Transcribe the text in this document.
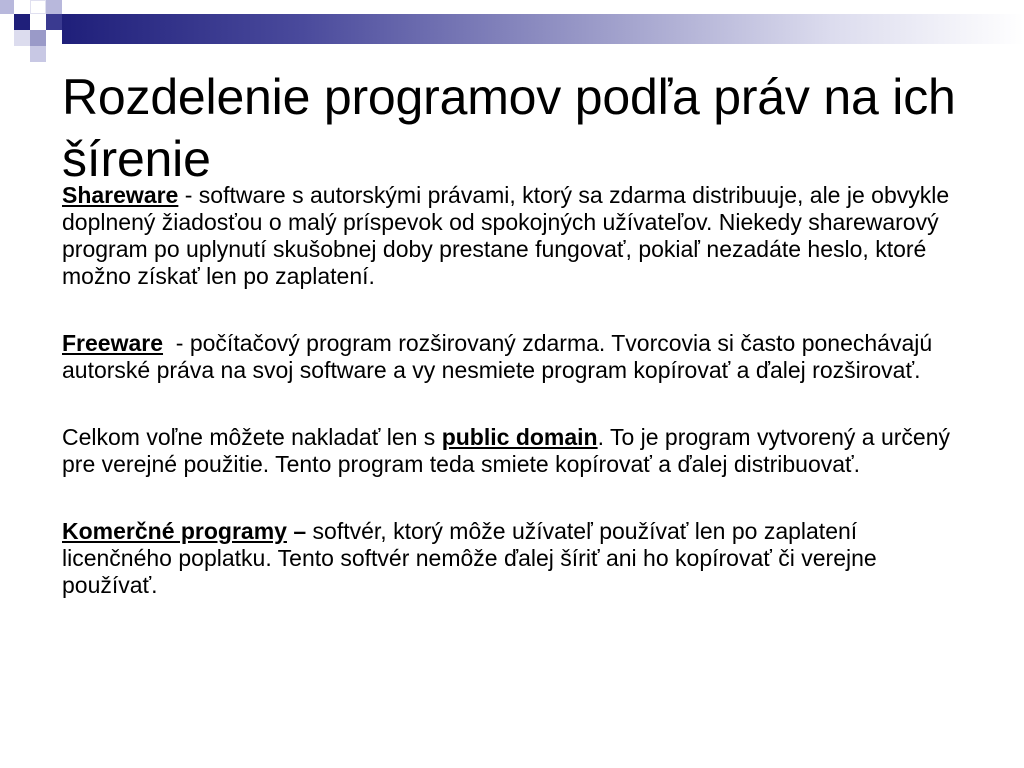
Rozdelenie programov podľa práv na ich šírenie

Shareware - software s autorskými právami, ktorý sa zdarma distribuuje, ale je obvykle doplnený žiadosťou o malý príspevok od spokojných užívateľov. Niekedy sharewarový program po uplynutí skušobnej doby prestane fungovať, pokiaľ nezadáte heslo, ktoré možno získať len po zaplatení.

Freeware  - počítačový program rozširovaný zdarma. Tvorcovia si často ponechávajú autorské práva na svoj software a vy nesmiete program kopírovať a ďalej rozširovať.

Celkom voľne môžete nakladať len s public domain. To je program vytvorený a určený pre verejné použitie. Tento program teda smiete kopírovať a ďalej distribuovať.

Komerčné programy – softvér, ktorý môže užívateľ používať len po zaplatení licenčného poplatku. Tento softvér nemôže ďalej šíriť ani ho kopírovať či verejne používať.
